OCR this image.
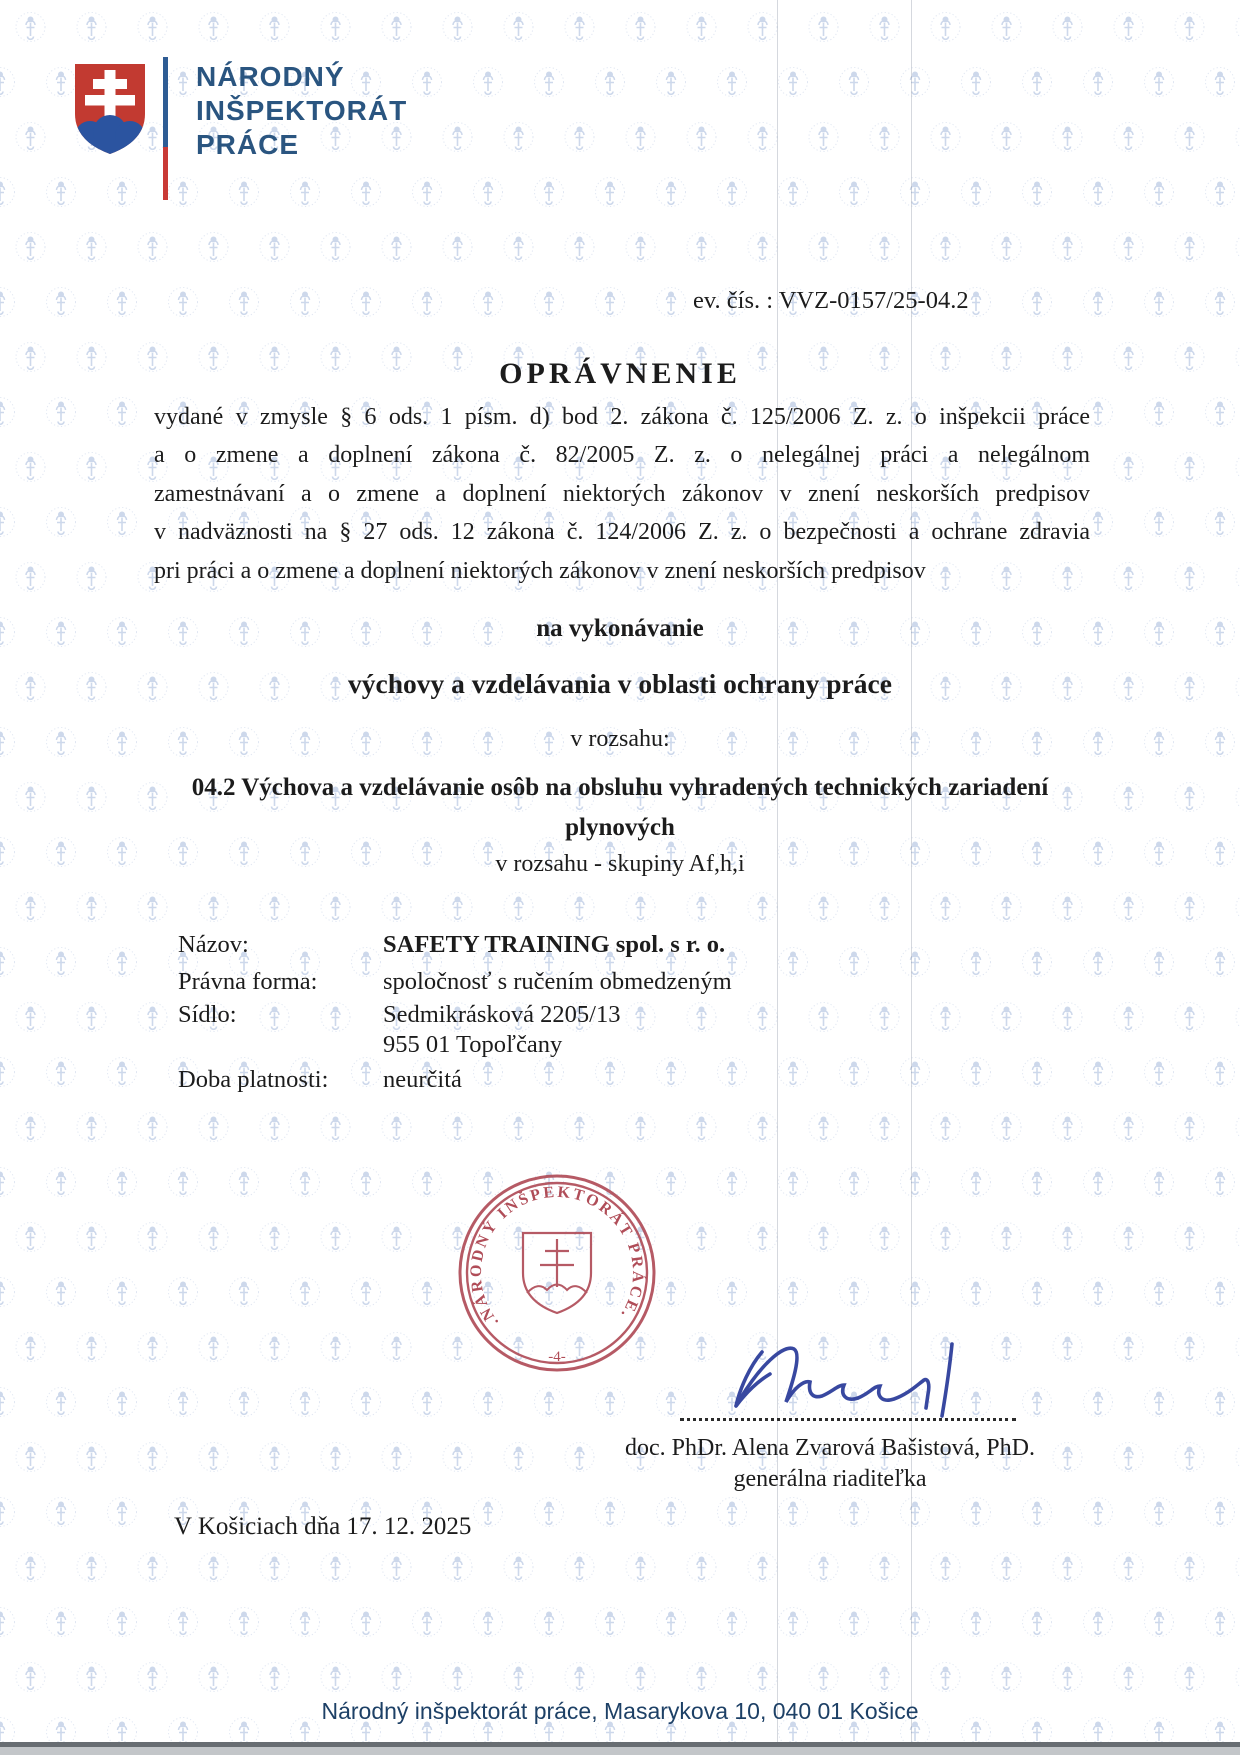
NÁRODNÝ
INŠPEKTORÁT
PRÁCE
ev. čís. : VVZ-0157/25-04.2
OPRÁVNENIE
vydané v zmysle § 6 ods. 1 písm. d) bod 2. zákona č. 125/2006 Z. z. o inšpekcii práce
a o zmene a doplnení zákona č. 82/2005 Z. z. o nelegálnej práci a nelegálnom
zamestnávaní a o zmene a doplnení niektorých zákonov v znení neskorších predpisov
v nadväznosti na § 27 ods. 12 zákona č. 124/2006 Z. z. o bezpečnosti a ochrane zdravia
pri práci a o zmene a doplnení niektorých zákonov v znení neskorších predpisov
na vykonávanie
výchovy a vzdelávania v oblasti ochrany práce
v rozsahu:
04.2 Výchova a vzdelávanie osôb na obsluhu vyhradených technických zariadení plynových
v rozsahu - skupiny Af,h,i
Názov:	SAFETY TRAINING spol. s r. o.
Právna forma:	spoločnosť s ručením obmedzeným
Sídlo:	Sedmikrásková 2205/13
955 01 Topoľčany
Doba platnosti: neurčitá
.NÁRODNÝ INŠPEKTORÁT PRÁCE.
-4-
doc. PhDr. Alena Zvarová Bašistová, PhD.
generálna riaditeľka
V Košiciach dňa 17. 12. 2025
Národný inšpektorát práce, Masarykova 10, 040 01 Košice
